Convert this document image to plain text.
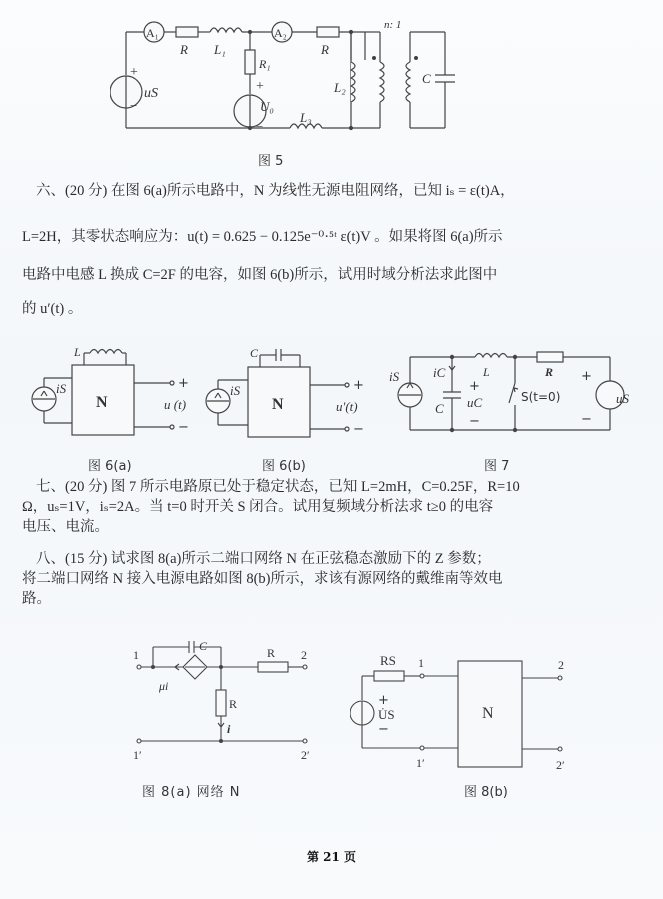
A₁	A₂
R L₁	R
R₁
+
U₀
−
+
uS
−
L₂
L₃
n: 1
C
图 5
六、(20 分) 在图 6(a)所示电路中，N 为线性无源电阻网络，已知 iₛ = ε(t)A，
L=2H，其零状态响应为：u(t) = 0.625 − 0.125e⁻⁰·⁵ᵗ ε(t)V 。如果将图 6(a)所示
电路中电感 L 换成 C=2F 的电容，如图 6(b)所示，试用时域分析法求此图中
的 u′(t) 。
L
iS
N
+
u (t)
−
图 6(a)
C
iS
N
+
u′(t)
−
图 6(b)
iS	iC
C
+
uC
−
L	R
S(t=0)
+
uS
−
图 7
七、(20 分) 图 7 所示电路原已处于稳定状态，已知 L=2mH，C=0.25F，R=10
Ω，uₛ=1V，iₛ=2A。当 t=0 时开关 S 闭合。试用复频域分析法求 t≥0 的电容
电压、电流。
八、(15 分) 试求图 8(a)所示二端口网络 N 在正弦稳态激励下的 Z 参数；
将二端口网络 N 接入电源电路如图 8(b)所示，求该有源网络的戴维南等效电
路。
1
1′
2
2′
C	R
R
μi
i
图 8(a) 网络 N
RS 1
1′
2
2′
+
U̇S
−
N
图 8(b)
第 21 页
